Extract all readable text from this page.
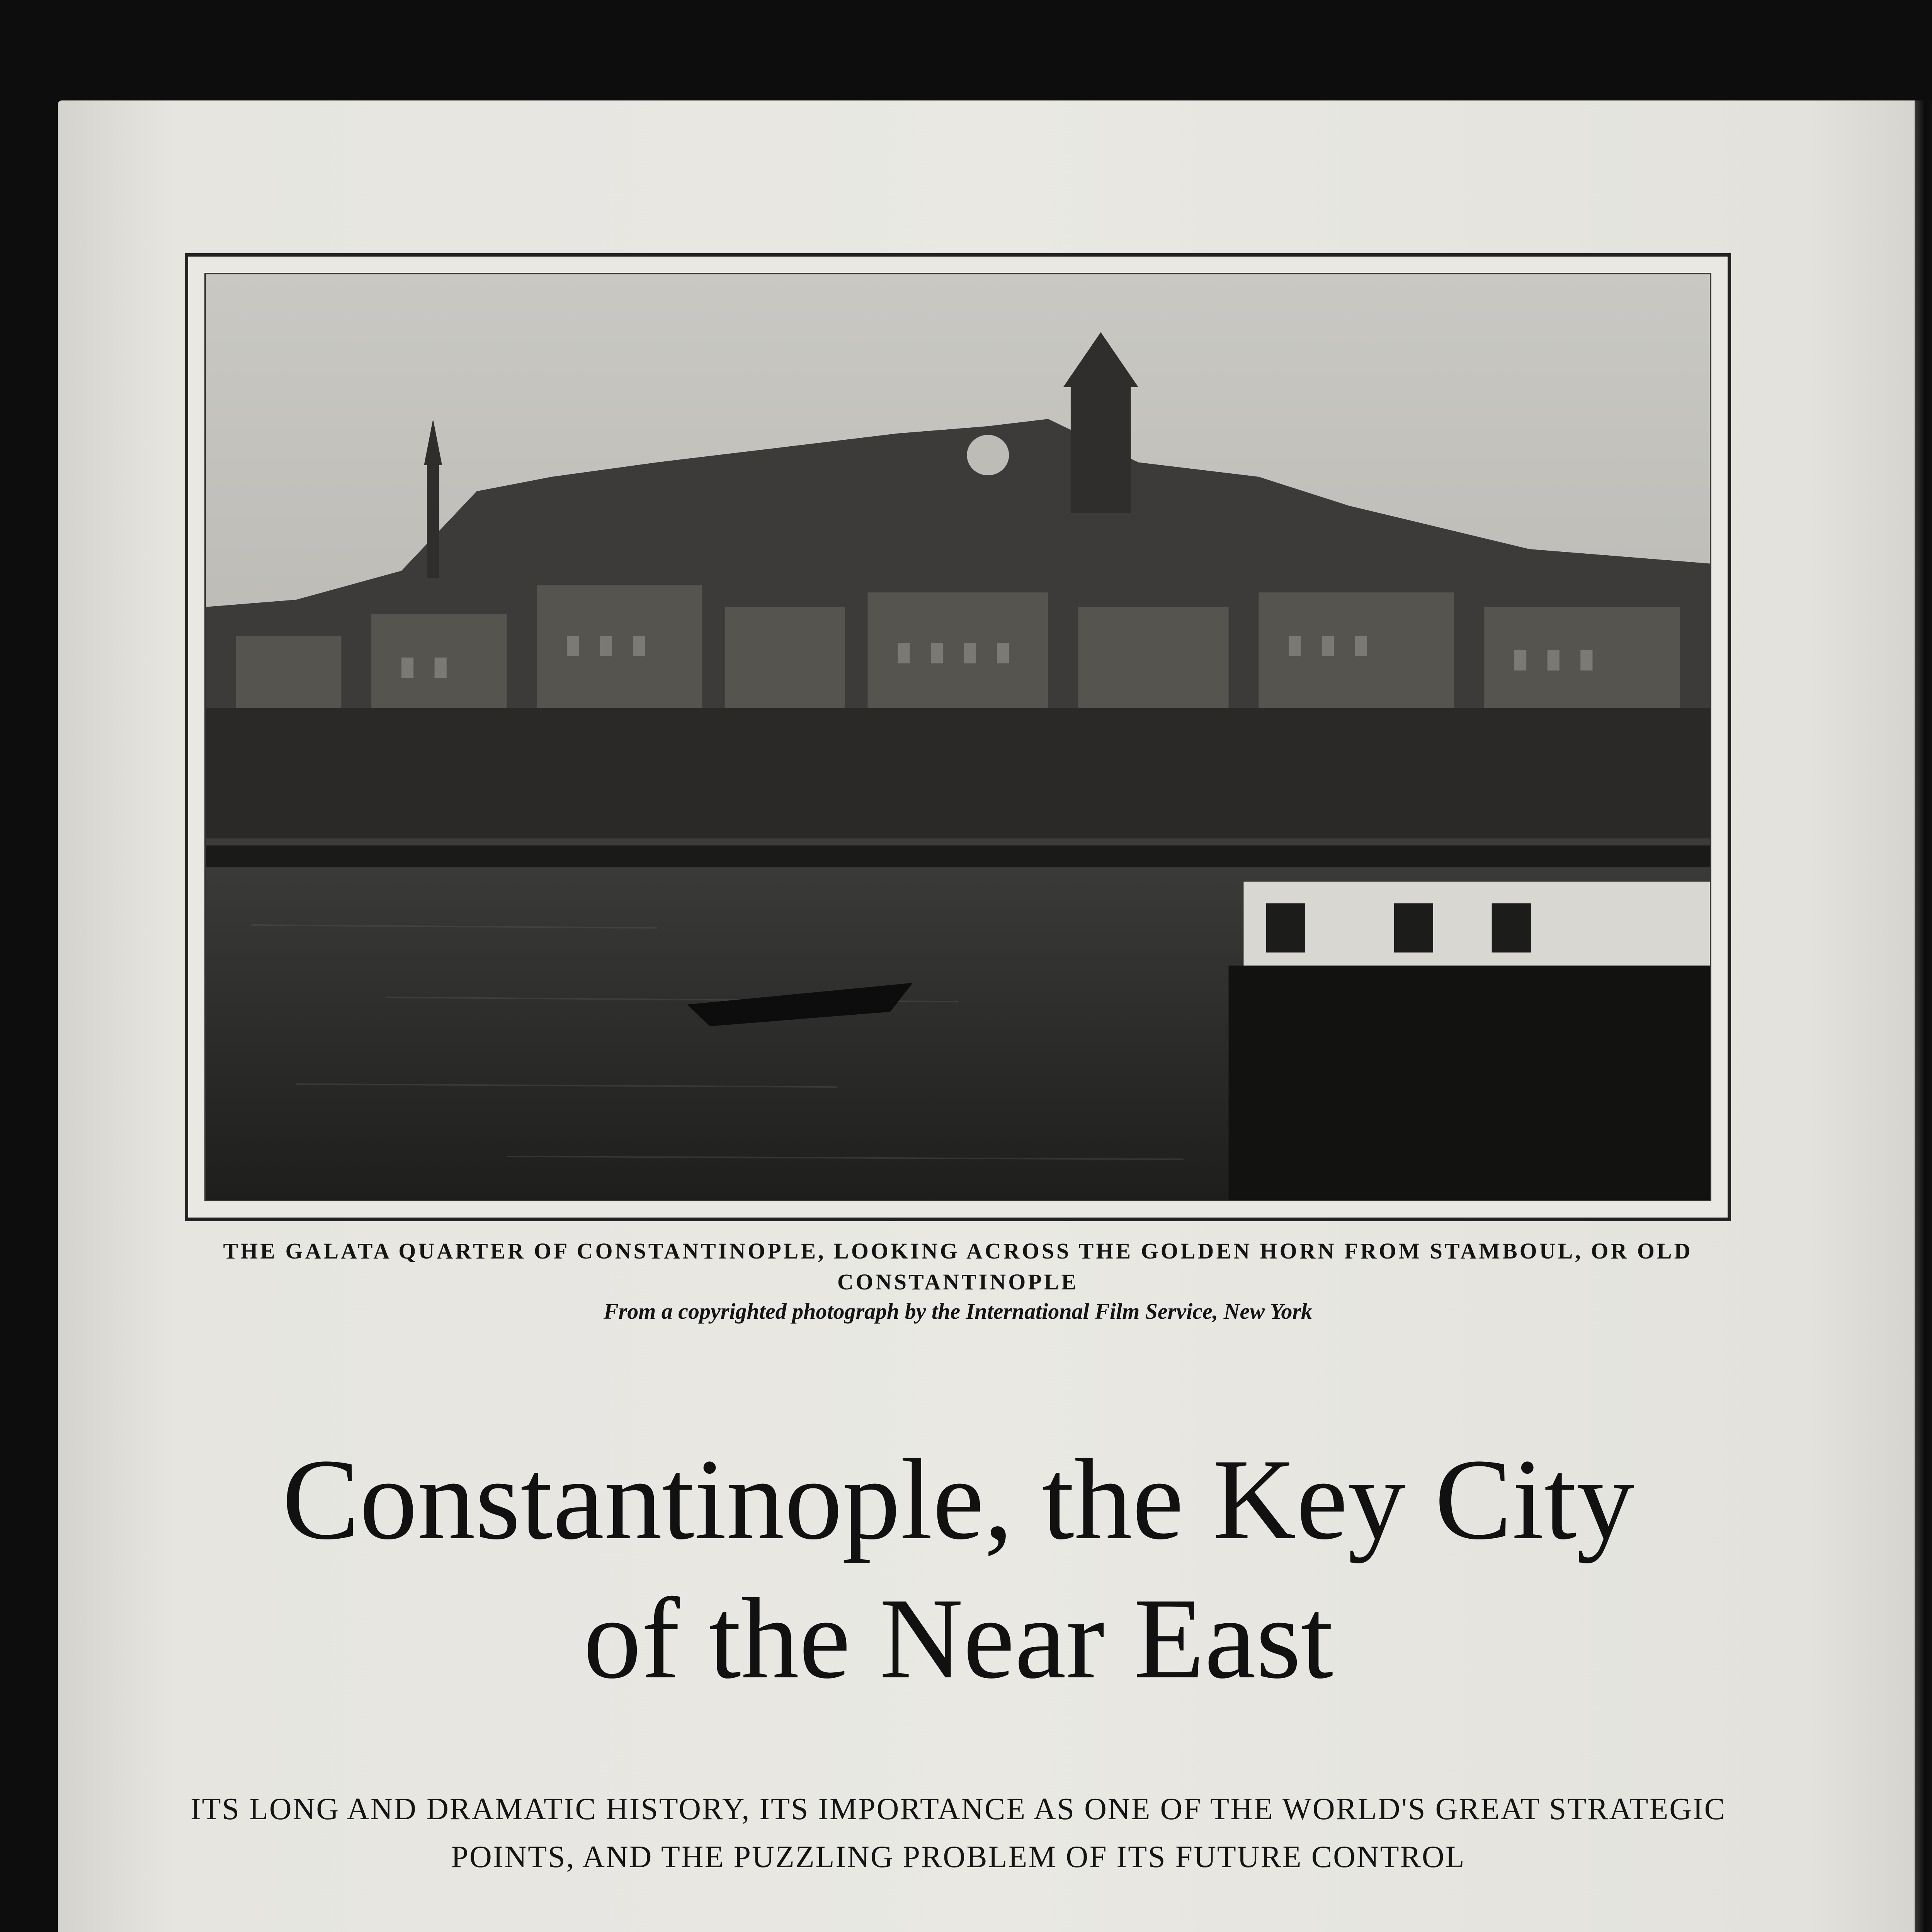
THE GALATA QUARTER OF CONSTANTINOPLE, LOOKING ACROSS THE GOLDEN HORN FROM STAMBOUL, OR OLD CONSTANTINOPLE
From a copyrighted photograph by the International Film Service, New York
Constantinople, the Key City
of the Near East
ITS LONG AND DRAMATIC HISTORY, ITS IMPORTANCE AS ONE OF THE WORLD'S GREAT STRATEGIC POINTS, AND THE PUZZLING PROBLEM OF ITS FUTURE CONTROL
